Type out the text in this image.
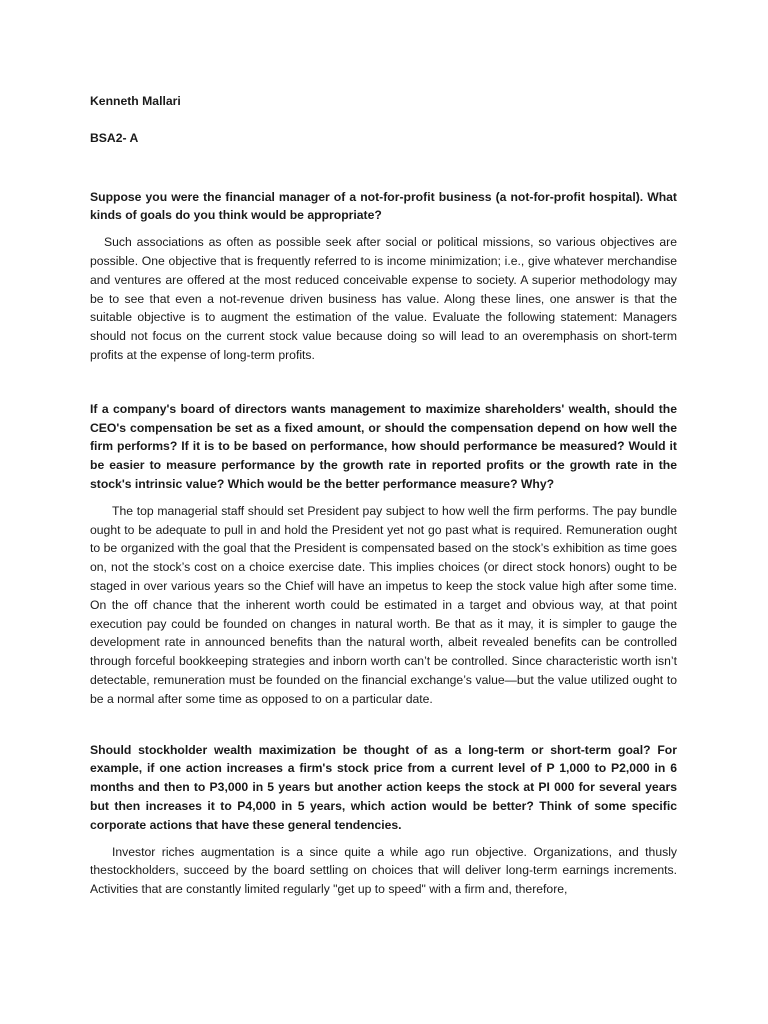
Kenneth Mallari

BSA2- A

Suppose you were the financial manager of a not-for-profit business (a not-for-profit hospital). What kinds of goals do you think would be appropriate?

Such associations as often as possible seek after social or political missions, so various objectives are possible. One objective that is frequently referred to is income minimization; i.e., give whatever merchandise and ventures are offered at the most reduced conceivable expense to society. A superior methodology may be to see that even a not-revenue driven business has value. Along these lines, one answer is that the suitable objective is to augment the estimation of the value. Evaluate the following statement: Managers should not focus on the current stock value because doing so will lead to an overemphasis on short-term profits at the expense of long-term profits.

If a company's board of directors wants management to maximize shareholders' wealth, should the CEO's compensation be set as a fixed amount, or should the compensation depend on how well the firm performs? If it is to be based on performance, how should performance be measured? Would it be easier to measure performance by the growth rate in reported profits or the growth rate in the stock's intrinsic value? Which would be the better performance measure? Why?

The top managerial staff should set President pay subject to how well the firm performs. The pay bundle ought to be adequate to pull in and hold the President yet not go past what is required. Remuneration ought to be organized with the goal that the President is compensated based on the stock’s exhibition as time goes on, not the stock’s cost on a choice exercise date. This implies choices (or direct stock honors) ought to be staged in over various years so the Chief will have an impetus to keep the stock value high after some time. On the off chance that the inherent worth could be estimated in a target and obvious way, at that point execution pay could be founded on changes in natural worth. Be that as it may, it is simpler to gauge the development rate in announced benefits than the natural worth, albeit revealed benefits can be controlled through forceful bookkeeping strategies and inborn worth can’t be controlled. Since characteristic worth isn’t detectable, remuneration must be founded on the financial exchange’s value—but the value utilized ought to be a normal after some time as opposed to on a particular date.

Should stockholder wealth maximization be thought of as a long-term or short-term goal? For example, if one action increases a firm's stock price from a current level of P 1,000 to P2,000 in 6 months and then to P3,000 in 5 years but another action keeps the stock at PI 000 for several years but then increases it to P4,000 in 5 years, which action would be better? Think of some specific corporate actions that have these general tendencies.

Investor riches augmentation is a since quite a while ago run objective. Organizations, and thusly thestockholders, succeed by the board settling on choices that will deliver long-term earnings increments. Activities that are constantly limited regularly "get up to speed" with a firm and, therefore,
